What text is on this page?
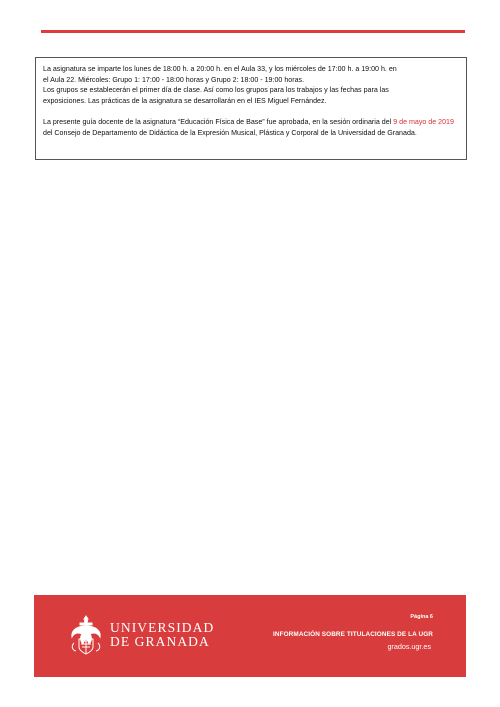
La asignatura se imparte los lunes de 18:00 h. a 20:00 h. en el Aula 33, y los miércoles de 17:00 h. a 19:00 h. en
el Aula 22. Miércoles: Grupo 1: 17:00 - 18:00 horas y Grupo 2: 18:00 - 19:00 horas.
Los grupos se establecerán el primer día de clase. Así como los grupos para los trabajos y las fechas para las
exposiciones. Las prácticas de la asignatura se desarrollarán en el IES Miguel Fernández.

La presente guía docente de la asignatura “Educación Física de Base” fue aprobada, en la sesión ordinaria del 9 de mayo de 2019 del Consejo de Departamento de Didáctica de la Expresión Musical, Plástica y Corporal de la Universidad de Granada.

UNIVERSIDAD
DE GRANADA
Página 6
INFORMACIÓN SOBRE TITULACIONES DE LA UGR
grados.ugr.es
